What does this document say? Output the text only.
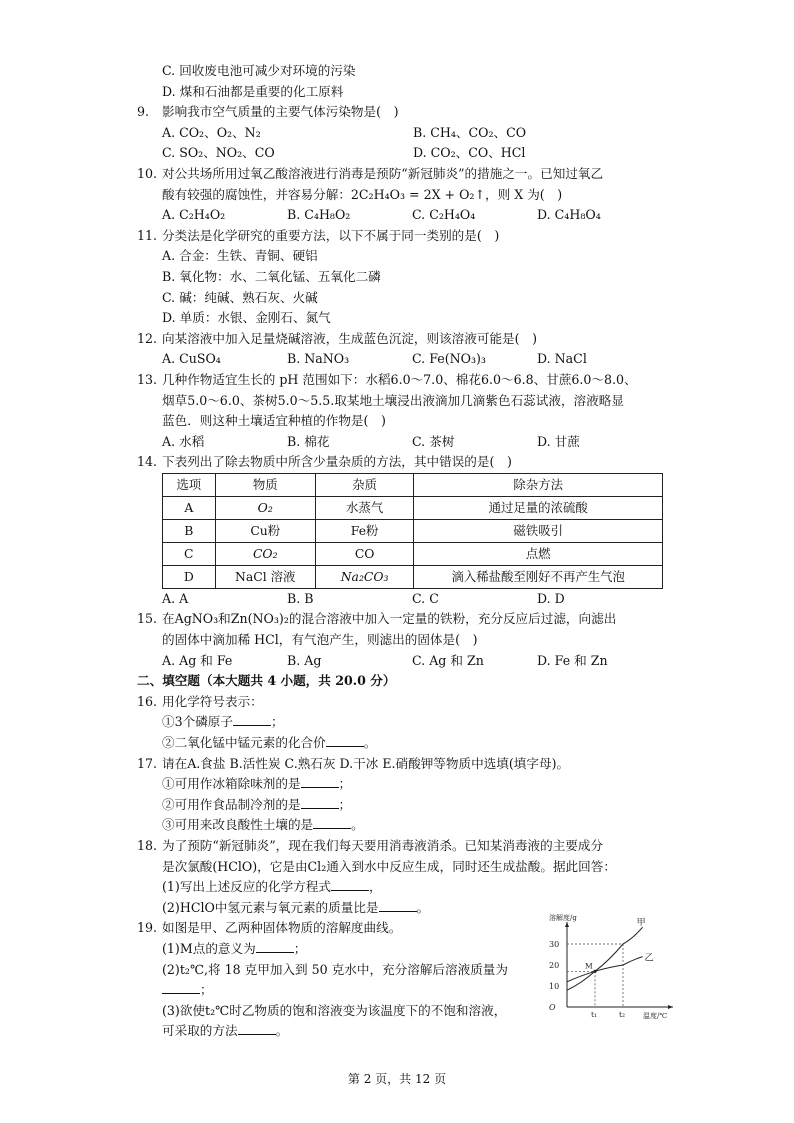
C. 回收废电池可减少对环境的污染
D. 煤和石油都是重要的化工原料
9.	影响我市空气质量的主要气体污染物是(　)
A. CO₂、O₂、N₂	B. CH₄、CO₂、CO
C. SO₂、NO₂、CO	D. CO₂、CO、HCl
10. 对公共场所用过氧乙酸溶液进行消毒是预防“新冠肺炎”的措施之一。已知过氧乙
酸有较强的腐蚀性，并容易分解：2C₂H₄O₃ = 2X + O₂↑，则 X 为(　)
A. C₂H₄O₂	B. C₄H₈O₂	C. C₂H₄O₄	D. C₄H₈O₄
11. 分类法是化学研究的重要方法，以下不属于同一类别的是(　)
A. 合金：生铁、青铜、硬铝
B. 氧化物：水、二氧化锰、五氧化二磷
C. 碱：纯碱、熟石灰、火碱
D. 单质：水银、金刚石、氮气
12. 向某溶液中加入足量烧碱溶液，生成蓝色沉淀，则该溶液可能是(　)
A. CuSO₄	B. NaNO₃	C. Fe(NO₃)₃	D. NaCl
13. 几种作物适宜生长的 pH 范围如下：水稻6.0～7.0、棉花6.0～6.8、甘蔗6.0～8.0、
烟草5.0～6.0、茶树5.0～5.5.取某地土壤浸出液滴加几滴紫色石蕊试液，溶液略显
蓝色．则这种土壤适宜种植的作物是(　)
A. 水稻	B. 棉花	C. 茶树	D. 甘蔗
14. 下表列出了除去物质中所含少量杂质的方法，其中错误的是(　)
选项	物质	杂质	除杂方法
A	O₂	水蒸气	通过足量的浓硫酸
B	Cu粉	Fe粉	磁铁吸引
C	CO₂	CO	点燃
D	NaCl 溶液	Na₂CO₃	滴入稀盐酸至刚好不再产生气泡
A. A	B. B	C. C	D. D
15. 在AgNO₃和Zn(NO₃)₂的混合溶液中加入一定量的铁粉，充分反应后过滤，向滤出
的固体中滴加稀 HCl，有气泡产生，则滤出的固体是(　)
A. Ag 和 Fe	B. Ag	C. Ag 和 Zn	D. Fe 和 Zn
二、填空题（本大题共 4 小题，共 20.0 分）
16. 用化学符号表示：
①3个磷原子	；
②二氧化锰中锰元素的化合价	。
17. 请在A.食盐 B.活性炭 C.熟石灰 D.干冰 E.硝酸钾等物质中选填(填字母)。
①可用作冰箱除味剂的是	；
②可用作食品制冷剂的是	；
③可用来改良酸性土壤的是	。
18. 为了预防“新冠肺炎”，现在我们每天要用消毒液消杀。已知某消毒液的主要成分
是次氯酸(HClO)，它是由Cl₂通入到水中反应生成，同时还生成盐酸。据此回答：
(1)写出上述反应的化学方程式	，
(2)HClO中氢元素与氧元素的质量比是	。
19. 如图是甲、乙两种固体物质的溶解度曲线。
(1)M点的意义为	；
(2)t₂℃,将 18 克甲加入到 50 克水中，充分溶解后溶液质量为
；
(3)欲使t₂℃时乙物质的饱和溶液变为该温度下的不饱和溶液，
可采取的方法	。
溶解度/g
30
20
10
O
t₁	t₂	温度/℃
甲
乙
M
第 2 页，共 12 页
